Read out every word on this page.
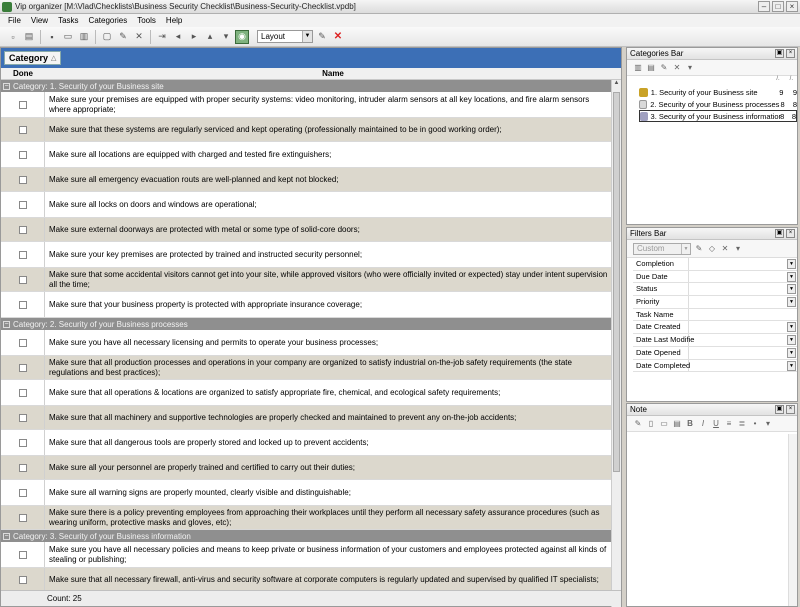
Vip organizer [M:\Vlad\Checklists\Business Security Checklist\Business-Security-Checklist.vpdb]	–	□	×
File View Tasks Categories Tools Help
▫	▤	▪	▭ ▥	▢ ✎ ✕	⇥	◂	▸	▴	▾	◉	Layout	▼ ✎ ✕
Category △
Done	Name
− Category: 1. Security of your Business site
Make sure your premises are equipped with proper security systems: video monitoring, intruder alarm sensors at all key locations, and fire alarm sensors where appropriate;
Make sure that these systems are regularly serviced and kept operating (professionally maintained to be in good working order);
Make sure all locations are equipped with charged and tested fire extinguishers;
Make sure all emergency evacuation routs are well-planned and kept not blocked;
Make sure all locks on doors and windows are operational;
Make sure external doorways are protected with metal or some type of solid-core doors;
Make sure your key premises are protected by trained and instructed security personnel;
Make sure that some accidental visitors cannot get into your site, while approved visitors (who were officially invited or expected) stay under intent supervision all the time;
Make sure that your business property is protected with appropriate insurance coverage;
− Category: 2. Security of your Business processes
Make sure you have all necessary licensing and permits to operate your business processes;
Make sure that all production processes and operations in your company are organized to satisfy industrial on-the-job safety requirements (the state regulations and best practices);
Make sure that all operations & locations are organized to satisfy appropriate fire, chemical, and ecological safety requirements;
Make sure that all machinery and supportive technologies are properly checked and maintained to prevent any on-the-job accidents;
Make sure that all dangerous tools are properly stored and locked up to prevent accidents;
Make sure all your personnel are properly trained and certified to carry out their duties;
Make sure all warning signs are properly mounted, clearly visible and distinguishable;
Make sure there is a policy preventing employees from approaching their workplaces until they perform all necessary safety assurance procedures (such as wearing uniform, protective masks and gloves, etc);
− Category: 3. Security of your Business information
Make sure you have all necessary policies and means to keep private or business information of your customers and employees protected against all kinds of stealing or publishing;
Make sure that all necessary firewall, anti-virus and security software at corporate computers is regularly updated and supervised by qualified IT specialists;
▲
Count: 25
Categories Bar	▣	×
▥ ▤ ✎ ✕ ▾
/. /.
1. Security of your Business site	9	9
2. Security of your Business processes 8	8
3. Security of your Business informatior 8	8
Filters Bar	▣	×
Custom	▼ ✎ ◇ ✕ ▾
Completion	▼
Due Date	▼
Status	▼
Priority	▼
Task Name
Date Created	▼
Date Last Modifie	▼
Date Opened	▼
Date Completed	▼
Note	▣	×
✎ ▯ ▭ ▤ B	I	U ≡ ≣	•	▾
